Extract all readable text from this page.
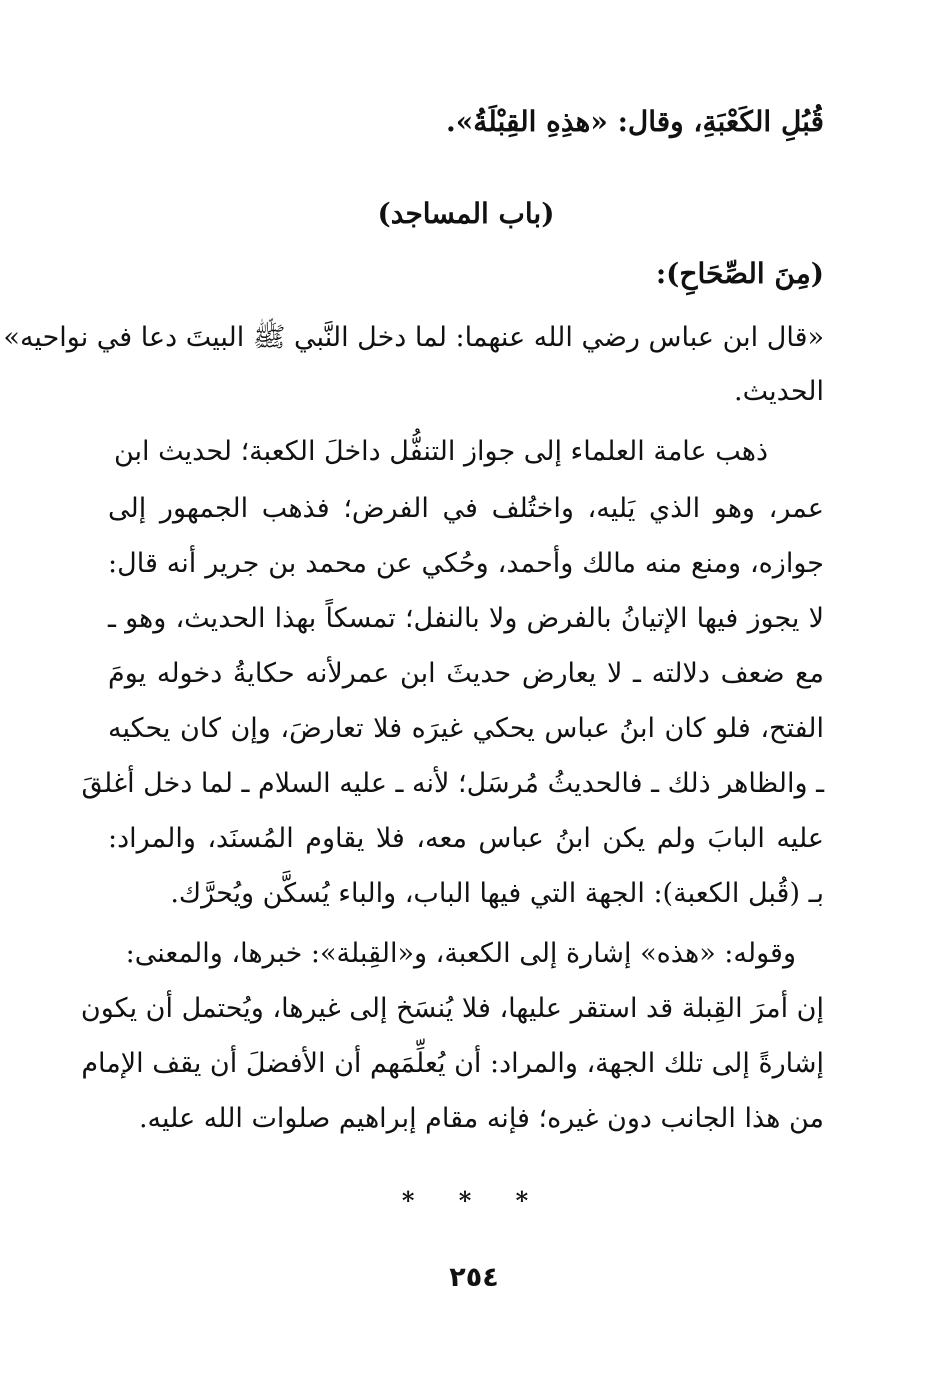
قُبُلِ الكَعْبَةِ، وقال: «هذِهِ القِبْلَةُ».
(باب المساجد)
(مِنَ الصِّحَاحِ):
«قال ابن عباس رضي الله عنهما: لما دخل النَّبي ﷺ البيتَ دعا في نواحيه»
الحديث.
ذهب عامة العلماء إلى جواز التنفُّل داخلَ الكعبة؛ لحديث ابن
عمر، وهو الذي يَليه، واختُلف في الفرض؛ فذهب الجمهور إلى
جوازه، ومنع منه مالك وأحمد، وحُكي عن محمد بن جرير أنه قال:
لا يجوز فيها الإتيانُ بالفرض ولا بالنفل؛ تمسكاً بهذا الحديث، وهو ـ
مع ضعف دلالته ـ لا يعارض حديثَ ابن عمرلأنه حكايةُ دخوله يومَ
الفتح، فلو كان ابنُ عباس يحكي غيرَه فلا تعارضَ، وإن كان يحكيه
ـ والظاهر ذلك ـ فالحديثُ مُرسَل؛ لأنه ـ عليه السلام ـ لما دخل أغلقَ
عليه البابَ ولم يكن ابنُ عباس معه، فلا يقاوم المُسنَد، والمراد:
بـ (قُبل الكعبة): الجهة التي فيها الباب، والباء يُسكَّن ويُحرَّك.
وقوله: «هذه» إشارة إلى الكعبة، و«القِبلة»: خبرها، والمعنى:
إن أمرَ القِبلة قد استقر عليها، فلا يُنسَخ إلى غيرها، ويُحتمل أن يكون
إشارةً إلى تلك الجهة، والمراد: أن يُعلِّمَهم أن الأفضلَ أن يقف الإمام
من هذا الجانب دون غيره؛ فإنه مقام إبراهيم صلوات الله عليه.
* * *
٢٥٤
